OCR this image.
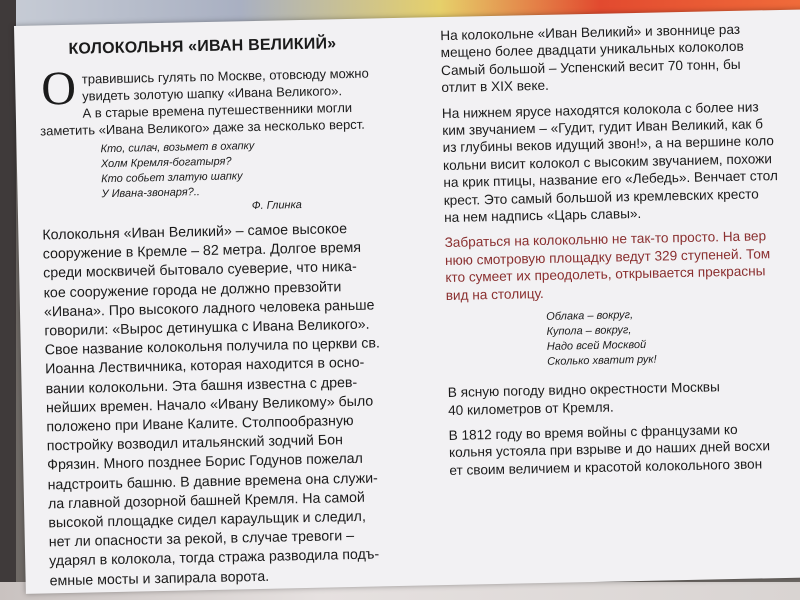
КОЛОКОЛЬНЯ «ИВАН ВЕЛИКИЙ»
О травившись гулять по Москве, отовсюду можно
увидеть золотую шапку «Ивана Великого».
А в старые времена путешественники могли
заметить «Ивана Великого» даже за несколько верст.
Кто, силач, возьмет в охапку
Холм Кремля-богатыря?
Кто собьет златую шапку
У Ивана-звонаря?..
Ф. Глинка
Колокольня «Иван Великий» – самое высокое
сооружение в Кремле – 82 метра. Долгое время
среди москвичей бытовало суеверие, что ника-
кое сооружение города не должно превзойти
«Ивана». Про высокого ладного человека раньше
говорили: «Вырос детинушка с Ивана Великого».
Свое название колокольня получила по церкви св.
Иоанна Лествичника, которая находится в осно-
вании колокольни. Эта башня известна с древ-
нейших времен. Начало «Ивану Великому» было
положено при Иване Калите. Столпообразную
постройку возводил итальянский зодчий Бон
Фрязин. Много позднее Борис Годунов пожелал
надстроить башню. В давние времена она служи-
ла главной дозорной башней Кремля. На самой
высокой площадке сидел караульщик и следил,
нет ли опасности за рекой, в случае тревоги –
ударял в колокола, тогда стража разводила подъ-
емные мосты и запирала ворота.
На колокольне «Иван Великий» и звоннице раз
мещено более двадцати уникальных колоколов
Самый большой – Успенский весит 70 тонн, бы
отлит в XIX веке.
На нижнем ярусе находятся колокола с более низ
ким звучанием – «Гудит, гудит Иван Великий, как б
из глубины веков идущий звон!», а на вершине коло
кольни висит колокол с высоким звучанием, похожи
на крик птицы, название его «Лебедь». Венчает стол
крест. Это самый большой из кремлевских кресто
на нем надпись «Царь славы».
Забраться на колокольню не так-то просто. На вер
нюю смотровую площадку ведут 329 ступеней. Том
кто сумеет их преодолеть, открывается прекрасны
вид на столицу.
Облака – вокруг,
Купола – вокруг,
Надо всей Москвой
Сколько хватит рук!
В ясную погоду видно окрестности Москвы
40 километров от Кремля.
В 1812 году во время войны с французами ко
кольня устояла при взрыве и до наших дней восхи
ет своим величием и красотой колокольного звон
